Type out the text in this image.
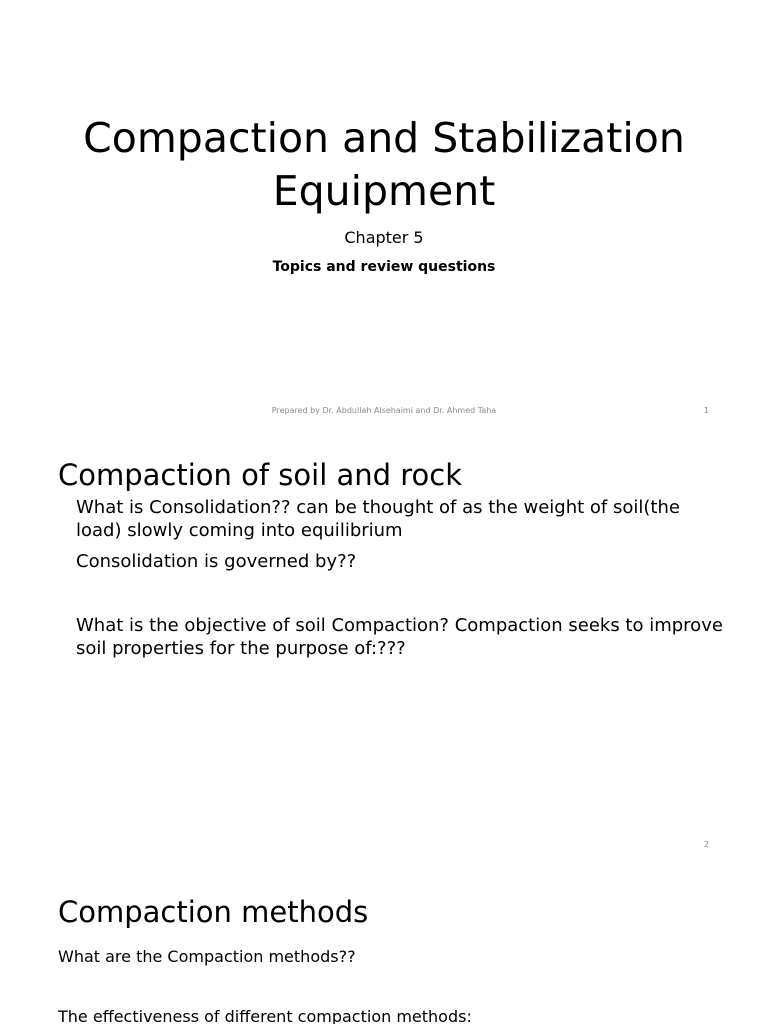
Compaction and Stabilization Equipment
Chapter 5
Topics and review questions
Prepared by Dr. Abdullah Alsehaimi and Dr. Ahmed Taha	1
Compaction of soil and rock
What is Consolidation?? can be thought of as the weight of soil(the load) slowly coming into equilibrium
Consolidation is governed by??
What is the objective of soil Compaction? Compaction seeks to improve soil properties for the purpose of:???
2
Compaction methods
What are the Compaction methods??
The effectiveness of different compaction methods:
